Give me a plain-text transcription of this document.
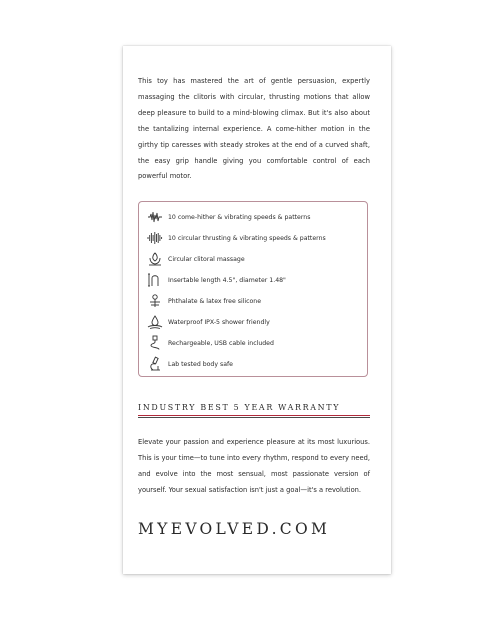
This toy has mastered the art of gentle persuasion, expertly massaging the clitoris with circular, thrusting motions that allow deep pleasure to build to a mind-blowing climax. But it's also about the tantalizing internal experience. A come-hither motion in the girthy tip caresses with steady strokes at the end of a curved shaft, the easy grip handle giving you comfortable control of each powerful motor.

10 come-hither & vibrating speeds & patterns
10 circular thrusting & vibrating speeds & patterns
Circular clitoral massage
Insertable length 4.5", diameter 1.48"
Phthalate & latex free silicone
Waterproof IPX-5 shower friendly
Rechargeable, USB cable included
Lab tested body safe

INDUSTRY BEST 5 YEAR WARRANTY

Elevate your passion and experience pleasure at its most luxurious. This is your time—to tune into every rhythm, respond to every need, and evolve into the most sensual, most passionate version of yourself. Your sexual satisfaction isn't just a goal—it's a revolution.

MYEVOLVED.COM
